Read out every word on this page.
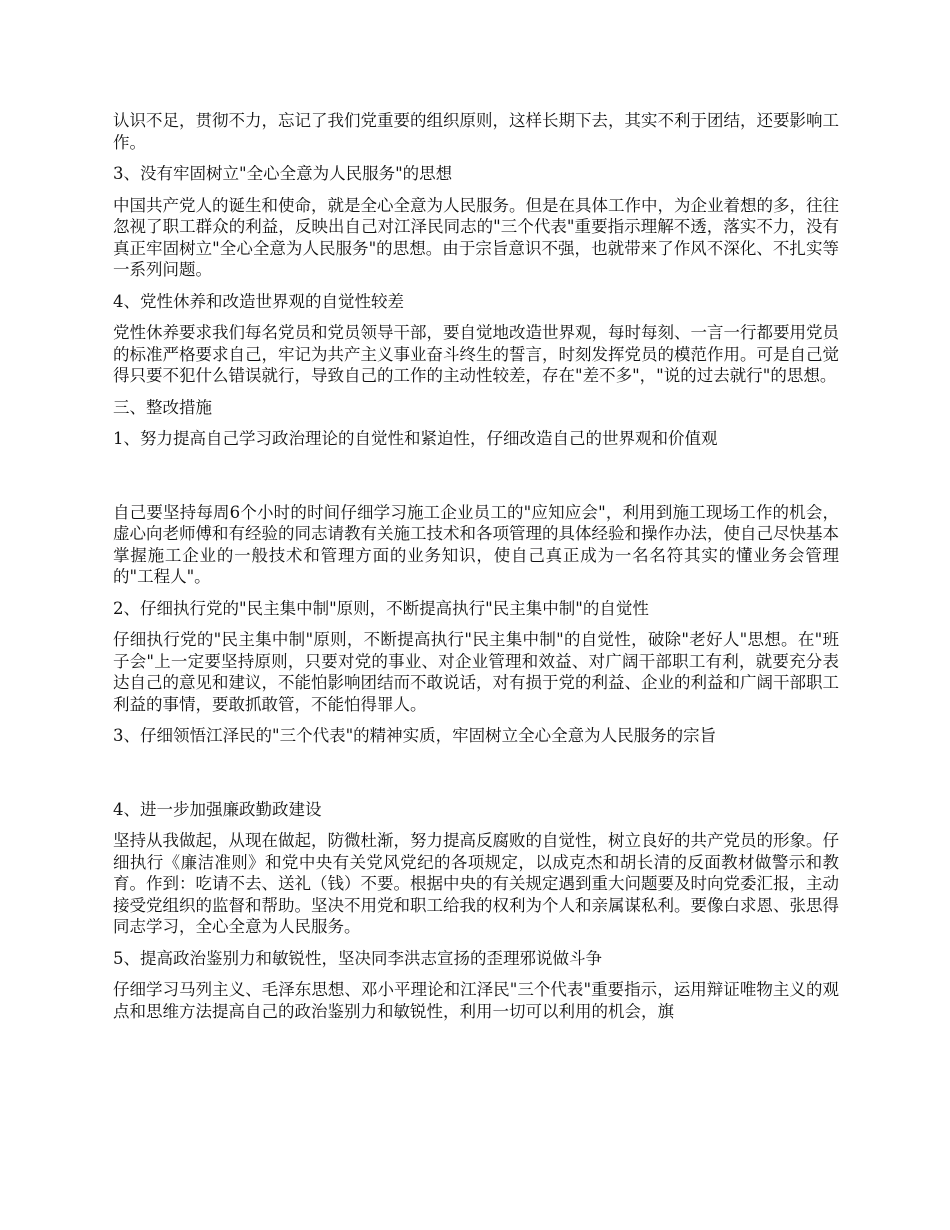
认识不足，贯彻不力，忘记了我们党重要的组织原则，这样长期下去，其实不利于团结，还要影响工作。

3、没有牢固树立"全心全意为人民服务"的思想

中国共产党人的诞生和使命，就是全心全意为人民服务。但是在具体工作中，为企业着想的多，往往忽视了职工群众的利益，反映出自己对江泽民同志的"三个代表"重要指示理解不透，落实不力，没有真正牢固树立"全心全意为人民服务"的思想。由于宗旨意识不强，也就带来了作风不深化、不扎实等一系列问题。

4、党性休养和改造世界观的自觉性较差

党性休养要求我们每名党员和党员领导干部，要自觉地改造世界观，每时每刻、一言一行都要用党员的标准严格要求自己，牢记为共产主义事业奋斗终生的誓言，时刻发挥党员的模范作用。可是自己觉得只要不犯什么错误就行，导致自己的工作的主动性较差，存在"差不多"，"说的过去就行"的思想。

三、整改措施

1、努力提高自己学习政治理论的自觉性和紧迫性，仔细改造自己的世界观和价值观

自己要坚持每周6个小时的时间仔细学习施工企业员工的"应知应会"，利用到施工现场工作的机会，虚心向老师傅和有经验的同志请教有关施工技术和各项管理的具体经验和操作办法，使自己尽快基本掌握施工企业的一般技术和管理方面的业务知识，使自己真正成为一名名符其实的懂业务会管理的"工程人"。

2、仔细执行党的"民主集中制"原则，不断提高执行"民主集中制"的自觉性

仔细执行党的"民主集中制"原则，不断提高执行"民主集中制"的自觉性，破除"老好人"思想。在"班子会"上一定要坚持原则，只要对党的事业、对企业管理和效益、对广阔干部职工有利，就要充分表达自己的意见和建议，不能怕影响团结而不敢说话，对有损于党的利益、企业的利益和广阔干部职工利益的事情，要敢抓敢管，不能怕得罪人。

3、仔细领悟江泽民的"三个代表"的精神实质，牢固树立全心全意为人民服务的宗旨

4、进一步加强廉政勤政建设

坚持从我做起，从现在做起，防微杜渐，努力提高反腐败的自觉性，树立良好的共产党员的形象。仔细执行《廉洁准则》和党中央有关党风党纪的各项规定，以成克杰和胡长清的反面教材做警示和教育。作到：吃请不去、送礼（钱）不要。根据中央的有关规定遇到重大问题要及时向党委汇报，主动接受党组织的监督和帮助。坚决不用党和职工给我的权利为个人和亲属谋私利。要像白求恩、张思得同志学习，全心全意为人民服务。

5、提高政治鉴别力和敏锐性，坚决同李洪志宣扬的歪理邪说做斗争

仔细学习马列主义、毛泽东思想、邓小平理论和江泽民"三个代表"重要指示，运用辩证唯物主义的观点和思维方法提高自己的政治鉴别力和敏锐性，利用一切可以利用的机会，旗
